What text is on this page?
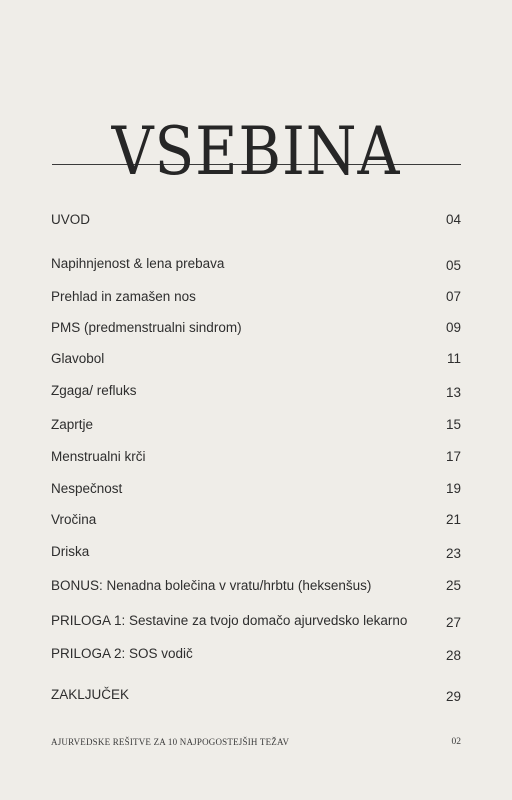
VSEBINA
UVOD	04
Napihnjenost & lena prebava	05
Prehlad in zamašen nos	07
PMS (predmenstrualni sindrom)	09
Glavobol	11
Zgaga/ refluks	13
Zaprtje	15
Menstrualni krči	17
Nespečnost	19
Vročina	21
Driska	23
BONUS: Nenadna bolečina v vratu/hrbtu (heksenšus)	25
PRILOGA 1: Sestavine za tvojo domačo ajurvedsko lekarno	27
PRILOGA 2: SOS vodič	28
ZAKLJUČEK	29
AJURVEDSKE REŠITVE ZA 10 NAJPOGOSTEJŠIH TEŽAV	02
